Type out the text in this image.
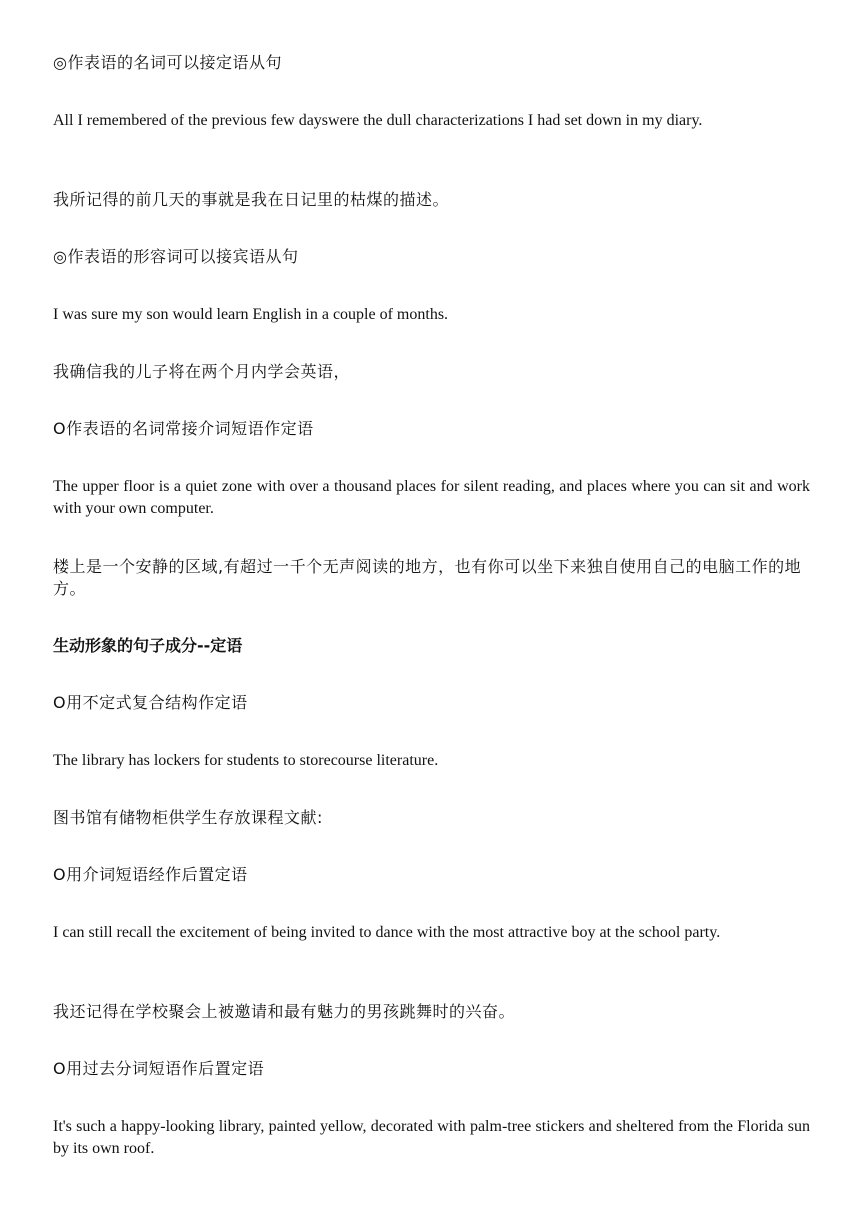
◎作表语的名词可以接定语从句

All I remembered of the previous few dayswere the dull characterizations I had set down in my diary.

我所记得的前几天的事就是我在日记里的枯煤的描述。

◎作表语的形容词可以接宾语从句

I was sure my son would learn English in a couple of months.

我确信我的儿子将在两个月内学会英语，

O作表语的名词常接介词短语作定语

The upper floor is a quiet zone with over a thousand places for silent reading, and places where you can sit and work with your own computer.

楼上是一个安静的区域,有超过一千个无声阅读的地方，也有你可以坐下来独自使用自己的电脑工作的地方。

生动形象的句子成分--定语

O用不定式复合结构作定语

The library has lockers for students to storecourse literature.

图书馆有储物柜供学生存放课程文献:

O用介词短语经作后置定语

I can still recall the excitement of being invited to dance with the most attractive boy at the school party.

我还记得在学校聚会上被邀请和最有魅力的男孩跳舞时的兴奋。

O用过去分词短语作后置定语

It's such a happy-looking library, painted yellow, decorated with palm-tree stickers and sheltered from the Florida sun by its own roof.
